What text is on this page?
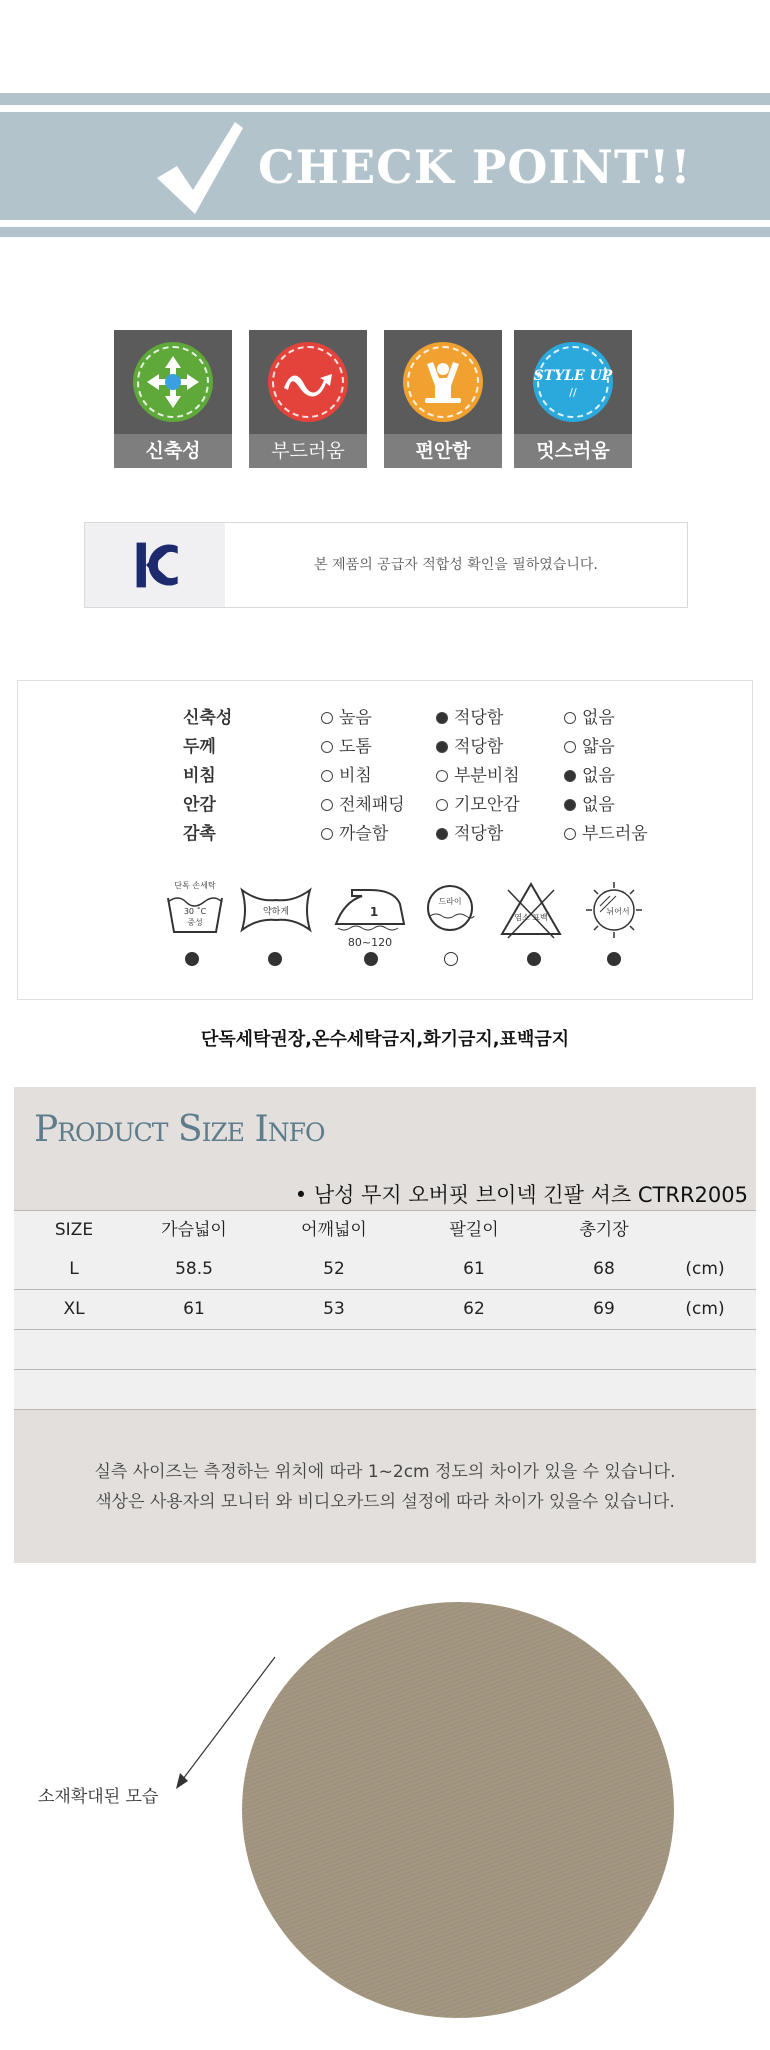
CHECK POINT!!
신축성	부드러움	편안함
STYLE UP
//
멋스러움
본 제품의 공급자 적합성 확인을 필하였습니다.
신축성	높음	적당함	없음
두께	도톰	적당함	얇음
비침	비침	부분비침	없음
안감	전체패딩	기모안감	없음
감촉	까슬함	적당함	부드러움
단독 손세탁
30 ˚C
중성
약하게	1
80~120
드라이
염소 표백
뉘어서
단독세탁권장,온수세탁금지,화기금지,표백금지
Product Size Info
• 남성 무지 오버핏 브이넥 긴팔 셔츠 CTRR2005
SIZE	가슴넓이	어깨넓이	팔길이	총기장
L	58.5	52	61	68	(cm)
XL	61	53	62	69	(cm)
실측 사이즈는 측정하는 위치에 따라 1~2cm 정도의 차이가 있을 수 있습니다.
색상은 사용자의 모니터 와 비디오카드의 설정에 따라 차이가 있을수 있습니다.
소재확대된 모습
